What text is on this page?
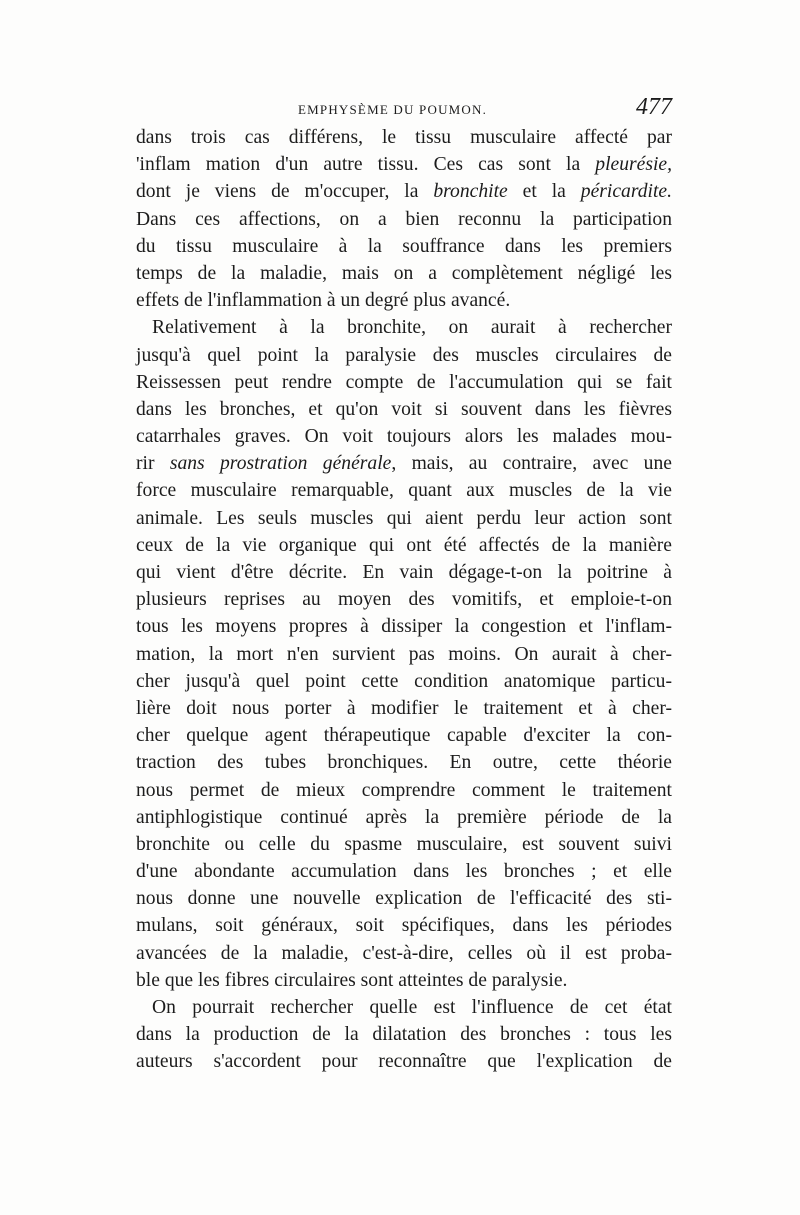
EMPHYSÈME DU POUMON.	477
dans trois cas différens, le tissu musculaire affecté par
'inflam mation d'un autre tissu. Ces cas sont la pleurésie,
dont je viens de m'occuper, la bronchite et la péricardite.
Dans ces affections, on a bien reconnu la participation
du tissu musculaire à la souffrance dans les premiers
temps de la maladie, mais on a complètement négligé les
effets de l'inflammation à un degré plus avancé.
Relativement à la bronchite, on aurait à rechercher
jusqu'à quel point la paralysie des muscles circulaires de
Reissessen peut rendre compte de l'accumulation qui se fait
dans les bronches, et qu'on voit si souvent dans les fièvres
catarrhales graves. On voit toujours alors les malades mou-
rir sans prostration générale, mais, au contraire, avec une
force musculaire remarquable, quant aux muscles de la vie
animale. Les seuls muscles qui aient perdu leur action sont
ceux de la vie organique qui ont été affectés de la manière
qui vient d'être décrite. En vain dégage-t-on la poitrine à
plusieurs reprises au moyen des vomitifs, et emploie-t-on
tous les moyens propres à dissiper la congestion et l'inflam-
mation, la mort n'en survient pas moins. On aurait à cher-
cher jusqu'à quel point cette condition anatomique particu-
lière doit nous porter à modifier le traitement et à cher-
cher quelque agent thérapeutique capable d'exciter la con-
traction des tubes bronchiques. En outre, cette théorie
nous permet de mieux comprendre comment le traitement
antiphlogistique continué après la première période de la
bronchite ou celle du spasme musculaire, est souvent suivi
d'une abondante accumulation dans les bronches ; et elle
nous donne une nouvelle explication de l'efficacité des sti-
mulans, soit généraux, soit spécifiques, dans les périodes
avancées de la maladie, c'est-à-dire, celles où il est proba-
ble que les fibres circulaires sont atteintes de paralysie.
On pourrait rechercher quelle est l'influence de cet état
dans la production de la dilatation des bronches : tous les
auteurs s'accordent pour reconnaître que l'explication de
